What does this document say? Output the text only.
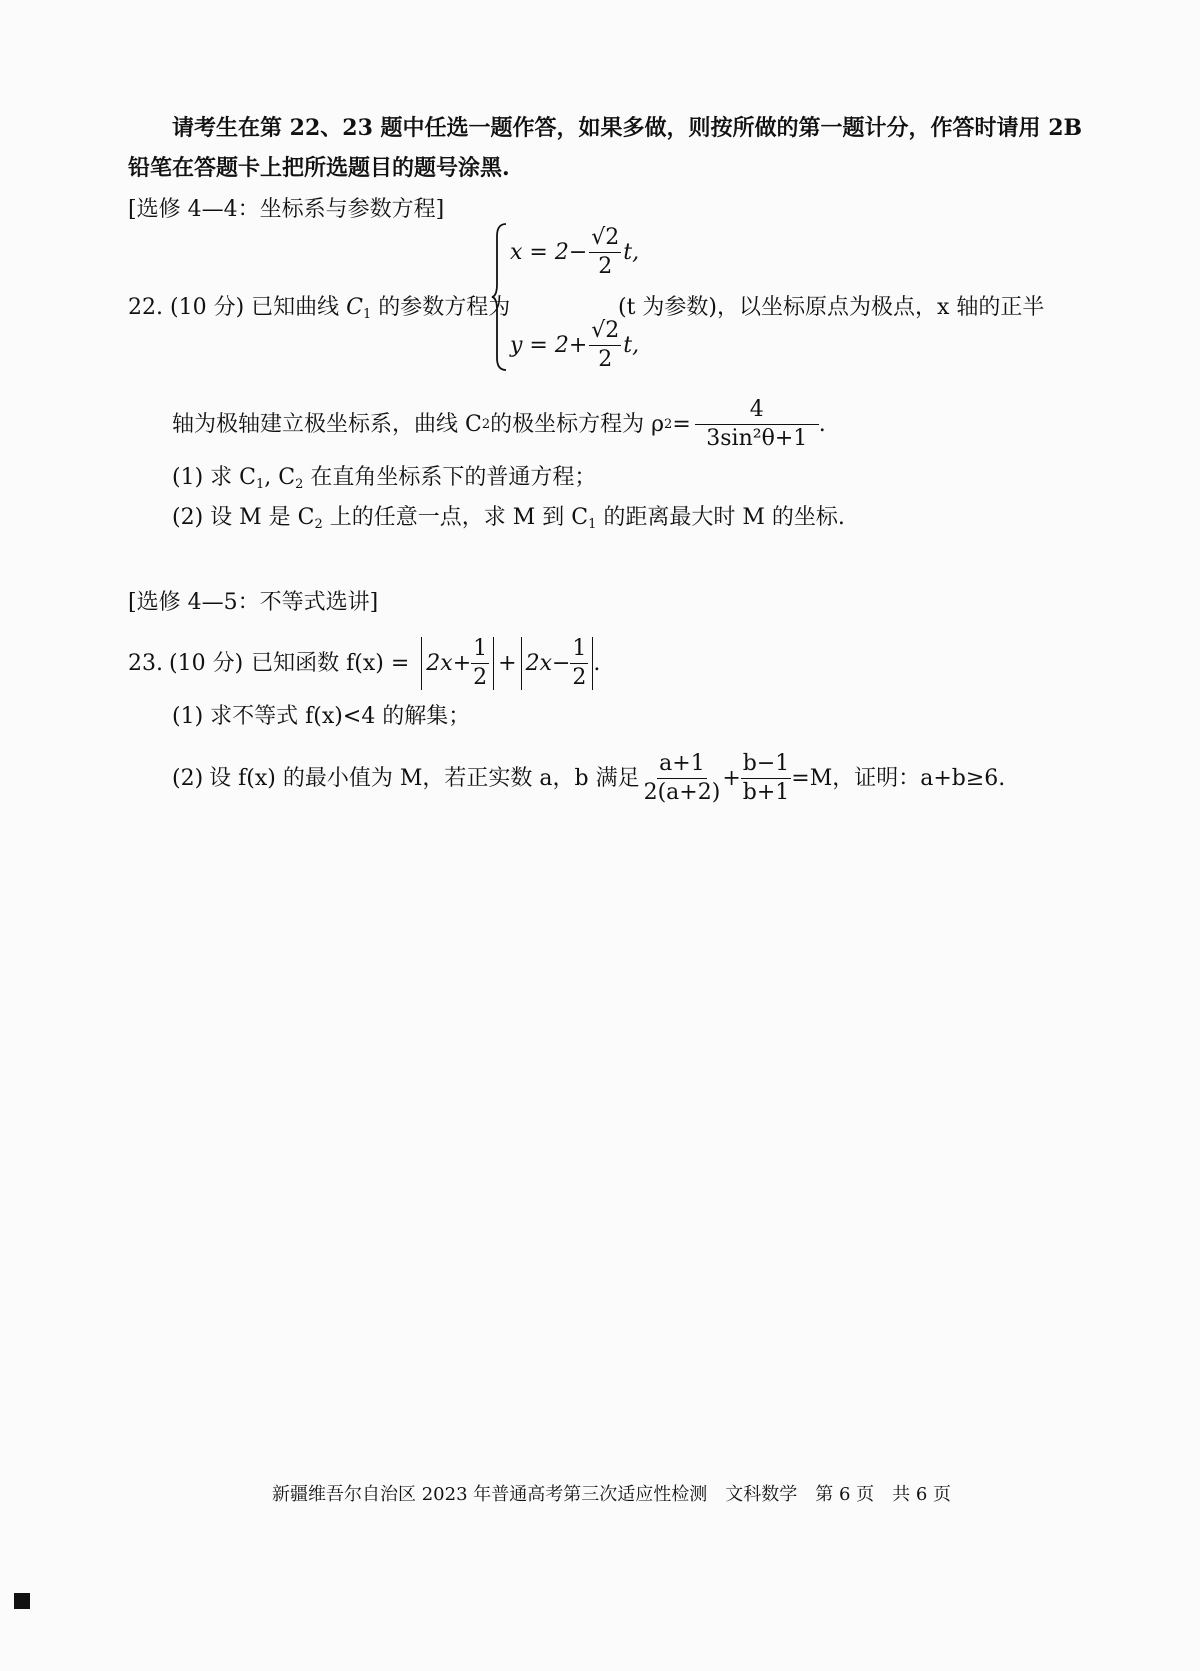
请考生在第 22、23 题中任选一题作答，如果多做，则按所做的第一题计分，作答时请用 2B
铅笔在答题卡上把所选题目的题号涂黑.
[选修 4—4：坐标系与参数方程]
22. (10 分) 已知曲线 $C_1$ 的参数方程为
$x = 2- \frac{√2}{2} t$,
$y = 2+ \frac{√2}{2} t$,
(t 为参数)，以坐标原点为极点，x 轴的正半
轴为极轴建立极坐标系，曲线 C 2 的极坐标方程为 ρ $2 = \frac{4}{\text{3sin²θ+1}}$ .
(1) 求 $C_1$, $C_2$ 在直角坐标系下的普通方程；
(2) 设 M 是 $C_2$ 上的任意一点，求 M 到 $C_1$ 的距离最大时 M 的坐标.
[选修 4—5：不等式选讲]
23. (10 分) 已知函数 $f(x) = 2x+ \frac{1}{2} + 2x- \frac{1}{2}$ .
(1) 求不等式 f(x)<4 的解集；
(2) 设 f(x) 的最小值为 M，若正实数 a，b 满足 $\frac{a+1}{2(a+2)} + \frac{b-1}{b+1} =M$，证明：a+b≥6.
新疆维吾尔自治区 2023 年普通高考第三次适应性检测　文科数学　第 6 页　共 6 页
